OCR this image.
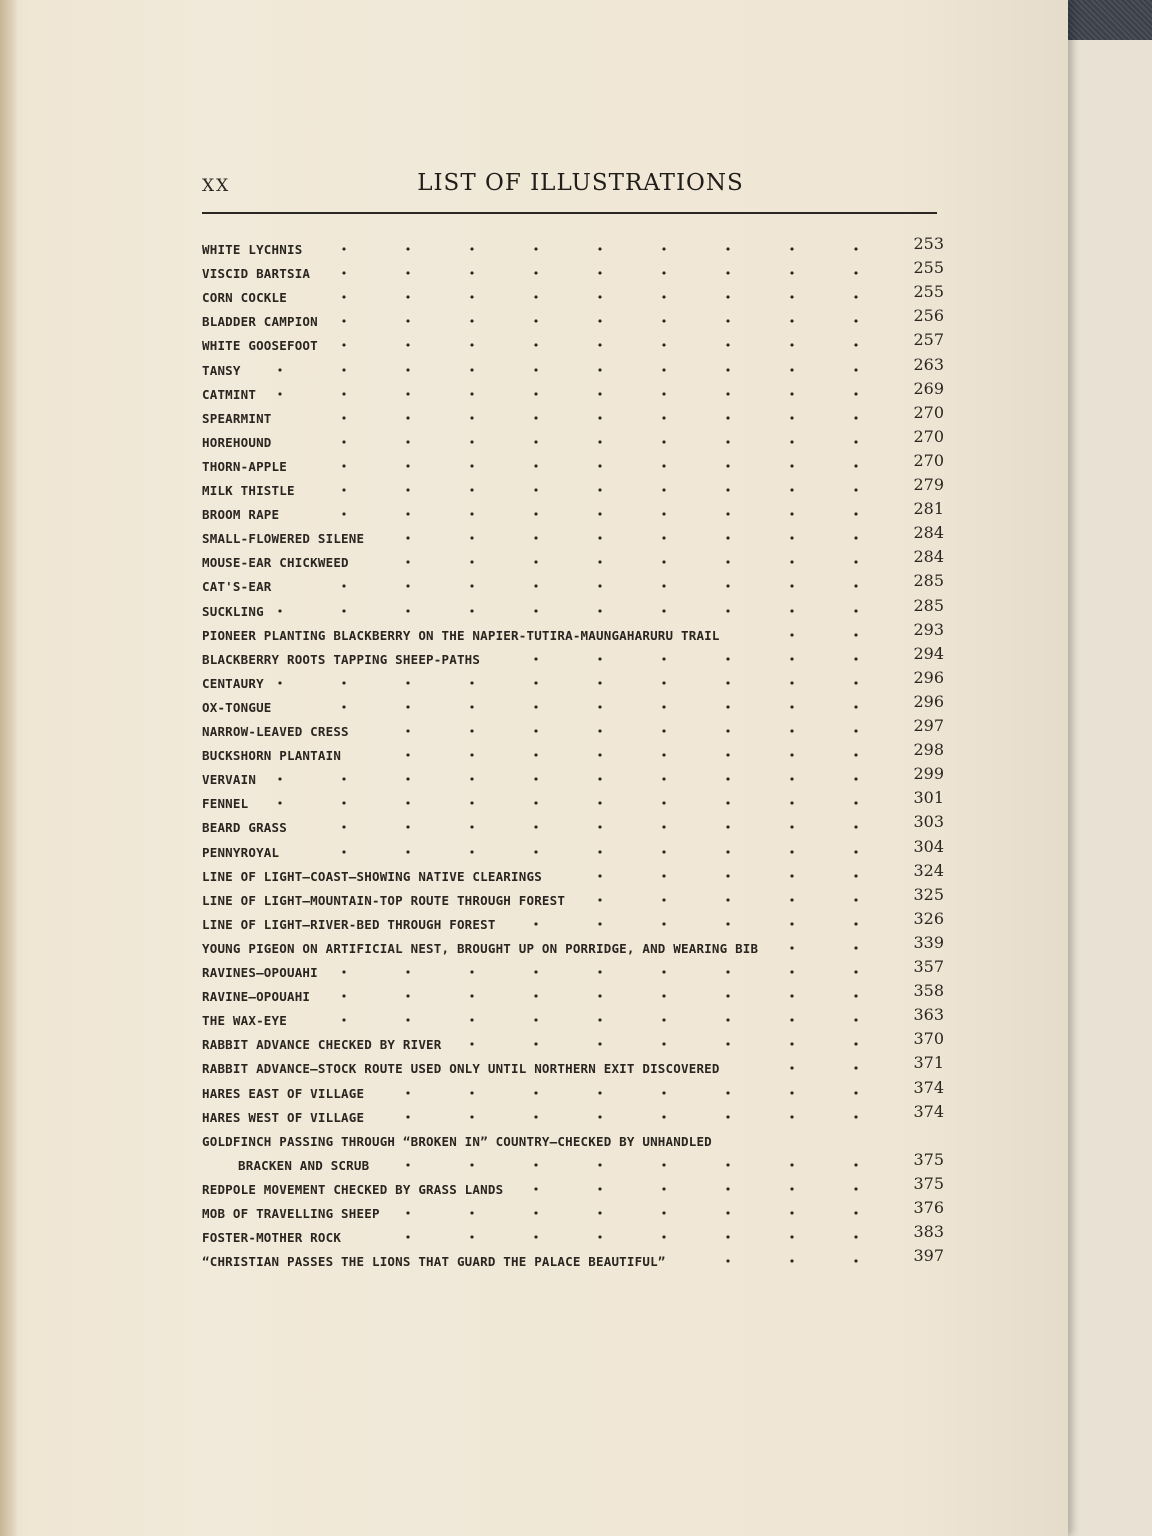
XX	LIST OF ILLUSTRATIONS
WHITE LYCHNIS	253
VISCID BARTSIA	255
CORN COCKLE	255
BLADDER CAMPION	256
WHITE GOOSEFOOT	257
TANSY	263
CATMINT	269
SPEARMINT	270
HOREHOUND	270
THORN-APPLE	270
MILK THISTLE	279
BROOM RAPE	281
SMALL-FLOWERED SILENE	284
MOUSE-EAR CHICKWEED	284
CAT'S-EAR	285
SUCKLING	285
PIONEER PLANTING BLACKBERRY ON THE NAPIER-TUTIRA-MAUNGAHARURU TRAIL	293
BLACKBERRY ROOTS TAPPING SHEEP-PATHS	294
CENTAURY	296
OX-TONGUE	296
NARROW-LEAVED CRESS	297
BUCKSHORN PLANTAIN	298
VERVAIN	299
FENNEL	301
BEARD GRASS	303
PENNYROYAL	304
LINE OF LIGHT—COAST—SHOWING NATIVE CLEARINGS	324
LINE OF LIGHT—MOUNTAIN-TOP ROUTE THROUGH FOREST	325
LINE OF LIGHT—RIVER-BED THROUGH FOREST	326
YOUNG PIGEON ON ARTIFICIAL NEST, BROUGHT UP ON PORRIDGE, AND WEARING BIB	339
RAVINES—OPOUAHI	357
RAVINE—OPOUAHI	358
THE WAX-EYE	363
RABBIT ADVANCE CHECKED BY RIVER	370
RABBIT ADVANCE—STOCK ROUTE USED ONLY UNTIL NORTHERN EXIT DISCOVERED	371
HARES EAST OF VILLAGE	374
HARES WEST OF VILLAGE	374
GOLDFINCH PASSING THROUGH “BROKEN IN” COUNTRY—CHECKED BY UNHANDLED
BRACKEN AND SCRUB	375
REDPOLE MOVEMENT CHECKED BY GRASS LANDS	375
MOB OF TRAVELLING SHEEP	376
FOSTER-MOTHER ROCK	383
“CHRISTIAN PASSES THE LIONS THAT GUARD THE PALACE BEAUTIFUL”	397
